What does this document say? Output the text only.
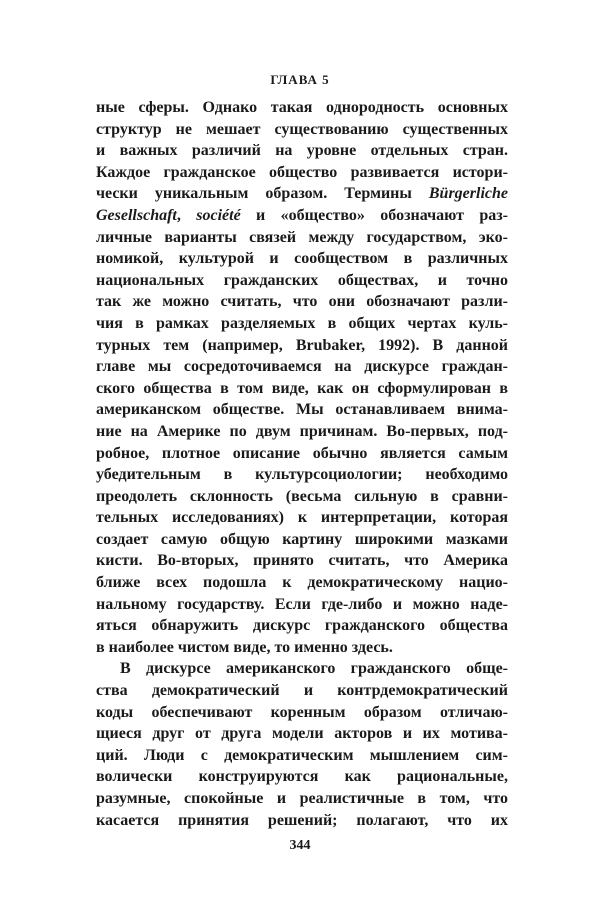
ГЛАВА 5
ные сферы. Однако такая однородность основных
структур не мешает существованию существенных
и важных различий на уровне отдельных стран.
Каждое гражданское общество развивается истори-
чески уникальным образом. Термины Bürgerliche
Gesellschaft, société и «общество» обозначают раз-
личные варианты связей между государством, эко-
номикой, культурой и сообществом в различных
национальных гражданских обществах, и точно
так же можно считать, что они обозначают разли-
чия в рамках разделяемых в общих чертах куль-
турных тем (например, Brubaker, 1992). В данной
главе мы сосредоточиваемся на дискурсе граждан-
ского общества в том виде, как он сформулирован в
американском обществе. Мы останавливаем внима-
ние на Америке по двум причинам. Во-первых, под-
робное, плотное описание обычно является самым
убедительным в культурсоциологии; необходимо
преодолеть склонность (весьма сильную в сравни-
тельных исследованиях) к интерпретации, которая
создает самую общую картину широкими мазками
кисти. Во-вторых, принято считать, что Америка
ближе всех подошла к демократическому нацио-
нальному государству. Если где-либо и можно наде-
яться обнаружить дискурс гражданского общества
в наиболее чистом виде, то именно здесь.
В дискурсе американского гражданского обще-
ства демократический и контрдемократический
коды обеспечивают коренным образом отличаю-
щиеся друг от друга модели акторов и их мотива-
ций. Люди с демократическим мышлением сим-
волически конструируются как рациональные,
разумные, спокойные и реалистичные в том, что
касается принятия решений; полагают, что их
344
